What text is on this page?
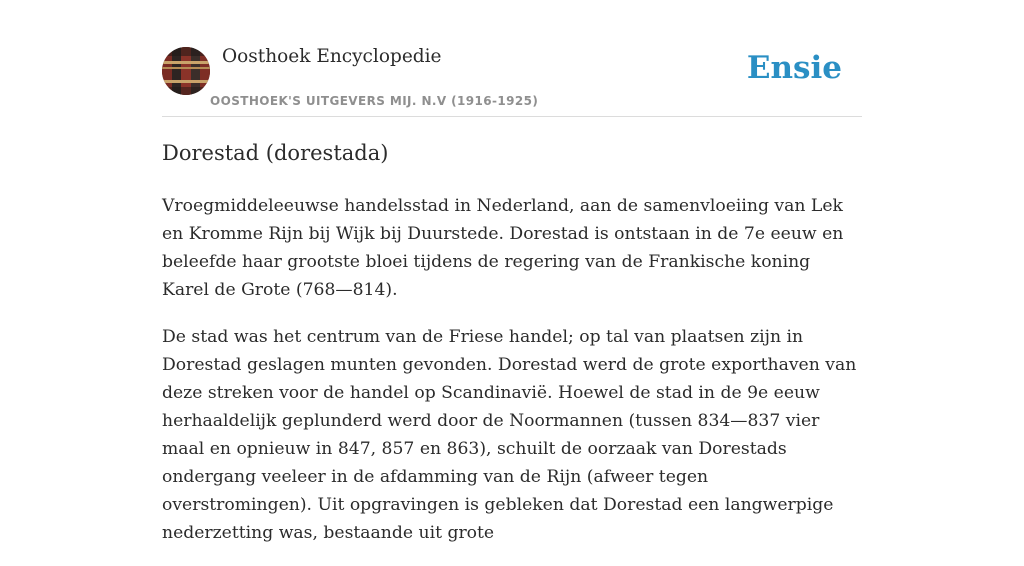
Oosthoek Encyclopedie
OOSTHOEK'S UITGEVERS MIJ. N.V (1916-1925)
Ensie
Dorestad (dorestada)

Vroegmiddeleeuwse handelsstad in Nederland, aan de samenvloeiing van Lek en Kromme Rijn bij Wijk bij Duurstede. Dorestad is ontstaan in de 7e eeuw en beleefde haar grootste bloei tijdens de regering van de Frankische koning Karel de Grote (768—814).

De stad was het centrum van de Friese handel; op tal van plaatsen zijn in Dorestad geslagen munten gevonden. Dorestad werd de grote exporthaven van deze streken voor de handel op Scandinavië. Hoewel de stad in de 9e eeuw herhaaldelijk geplunderd werd door de Noormannen (tussen 834—837 vier maal en opnieuw in 847, 857 en 863), schuilt de oorzaak van Dorestads ondergang veeleer in de afdamming van de Rijn (afweer tegen overstromingen). Uit opgravingen is gebleken dat Dorestad een langwerpige nederzetting was, bestaande uit grote
